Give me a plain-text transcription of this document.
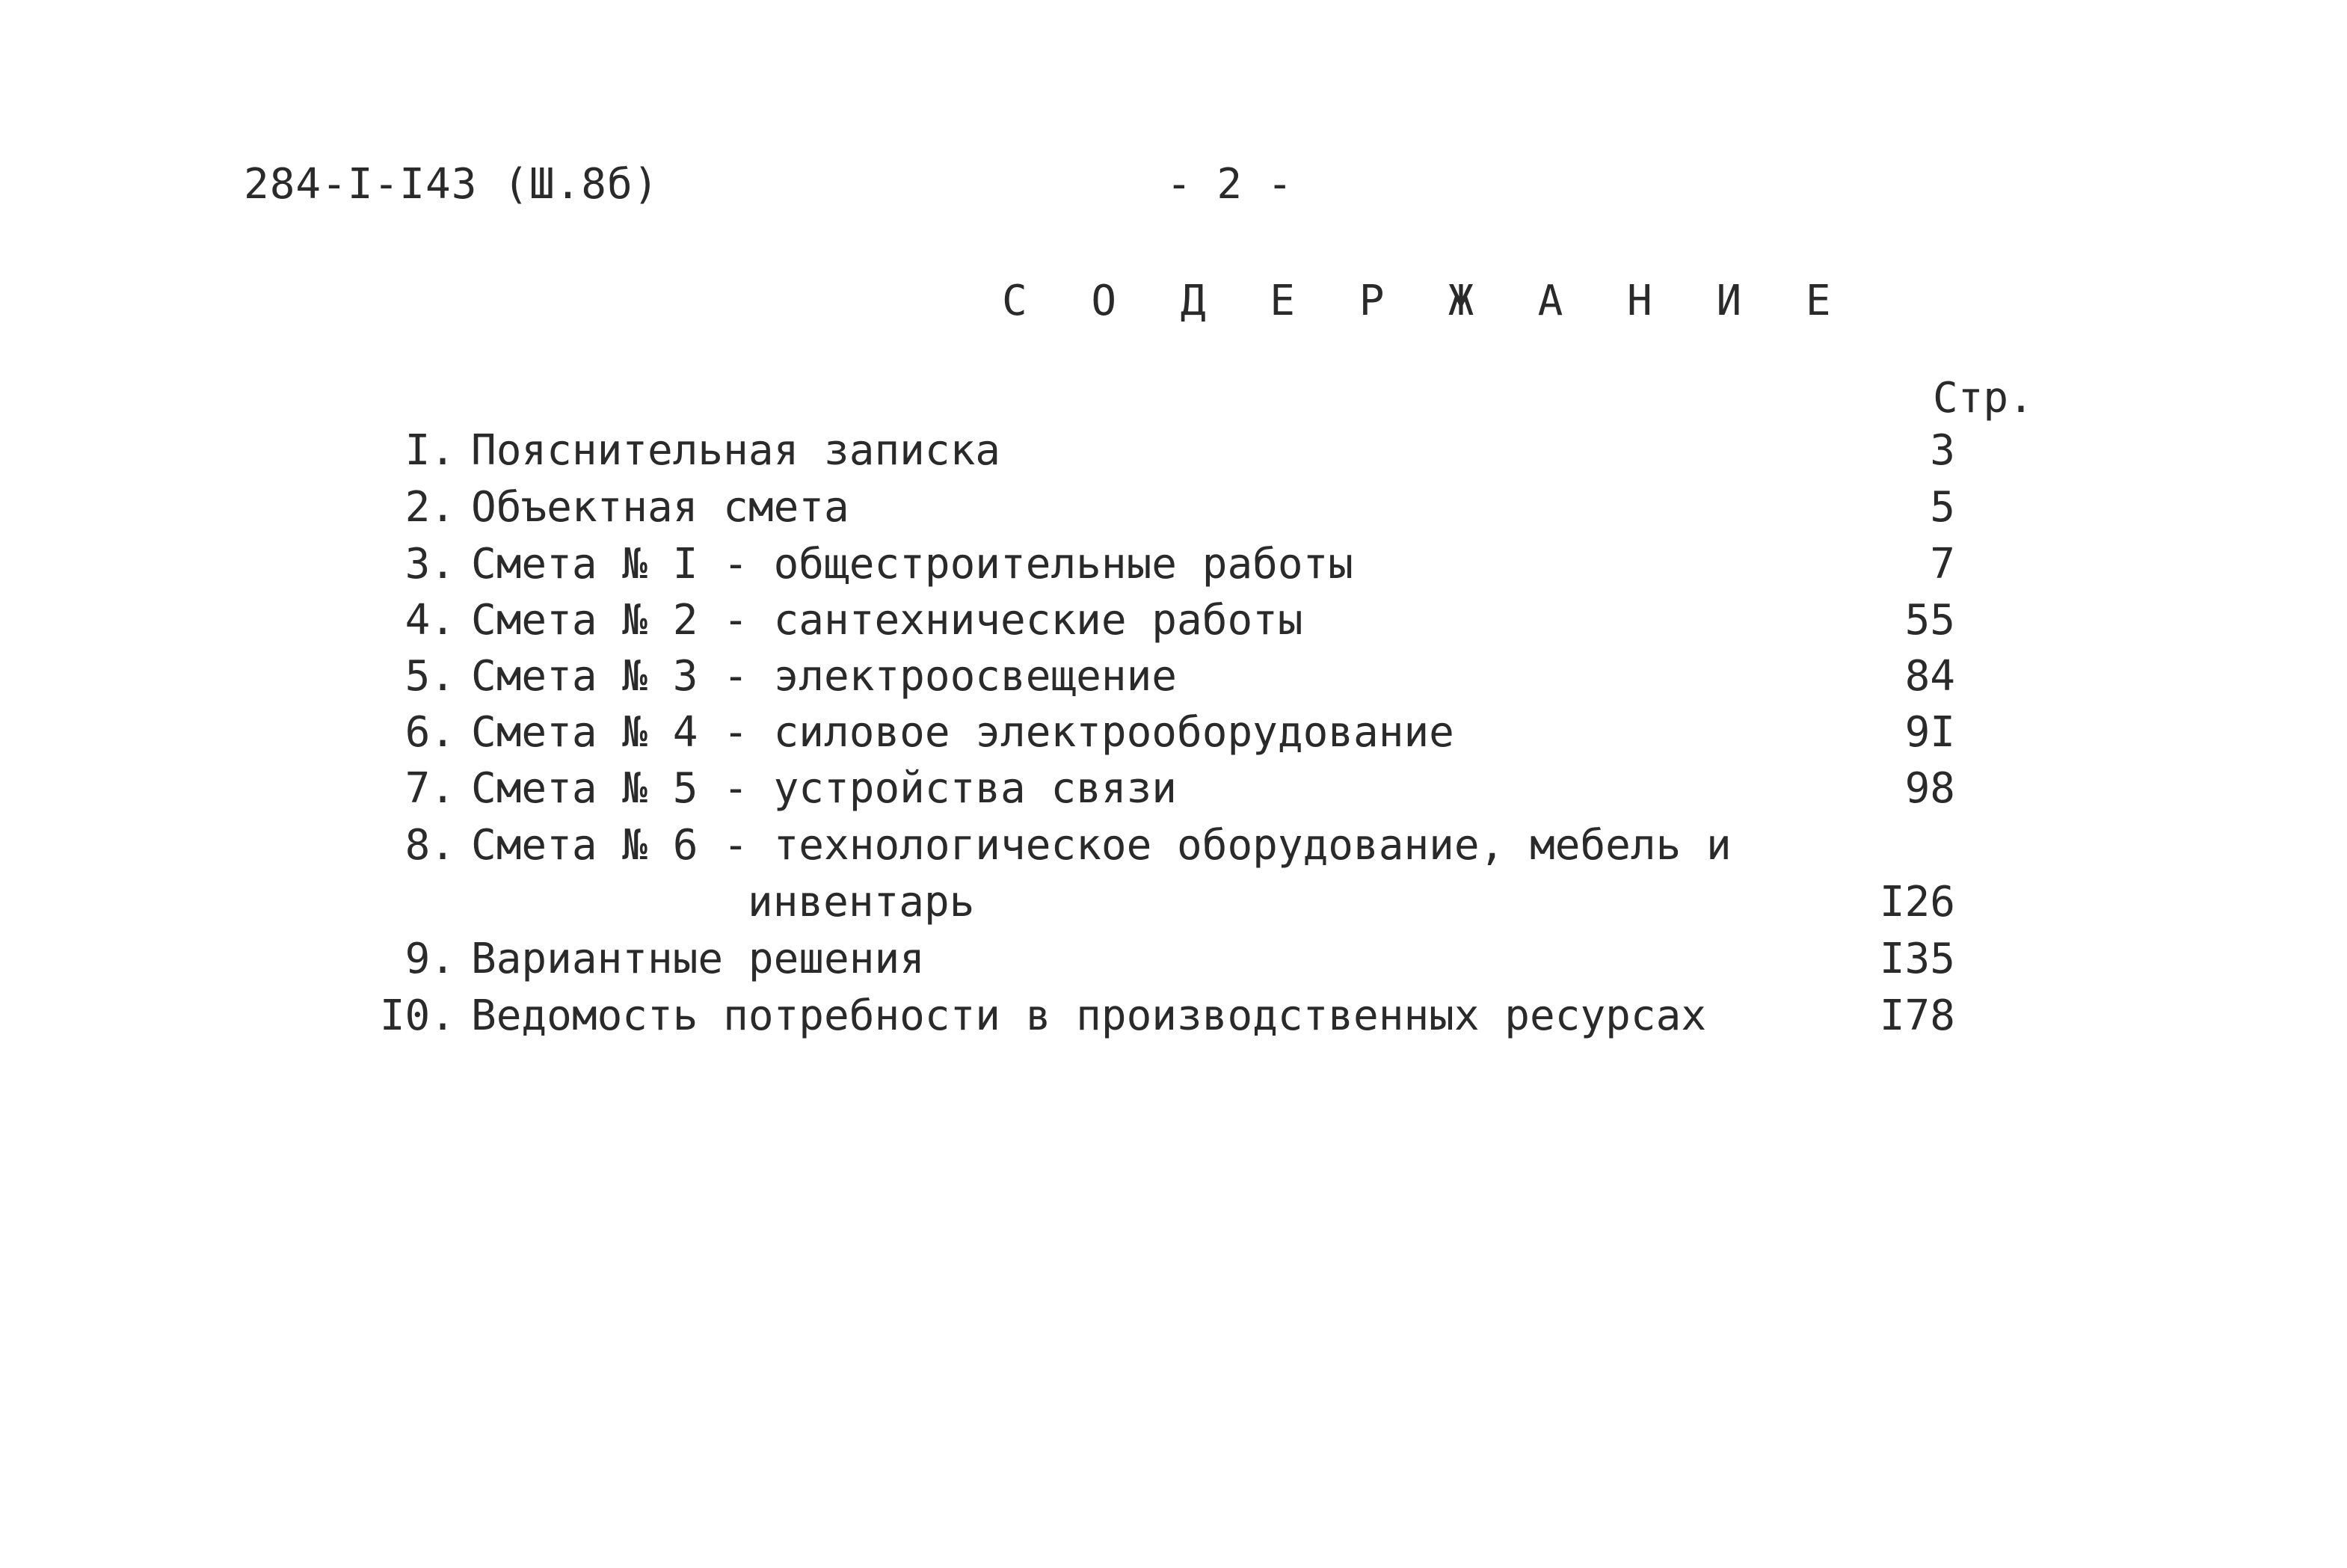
284-I-I43 (Ш.8б)	- 2 -
С О Д Е Р Ж А Н И Е
Стр.
I. Пояснительная записка	3
2. Объектная смета	5
3. Смета № I - общестроительные работы	7
4. Смета № 2 - сантехнические работы	55
5. Смета № 3 - электроосвещение	84
6. Смета № 4 - силовое электрооборудование	9I
7. Смета № 5 - устройства связи	98
8. Смета № 6 - технологическое оборудование, мебель и
инвентарь	I26
9. Вариантные решения	I35
I0. Ведомость потребности в производственных ресурсах	I78
